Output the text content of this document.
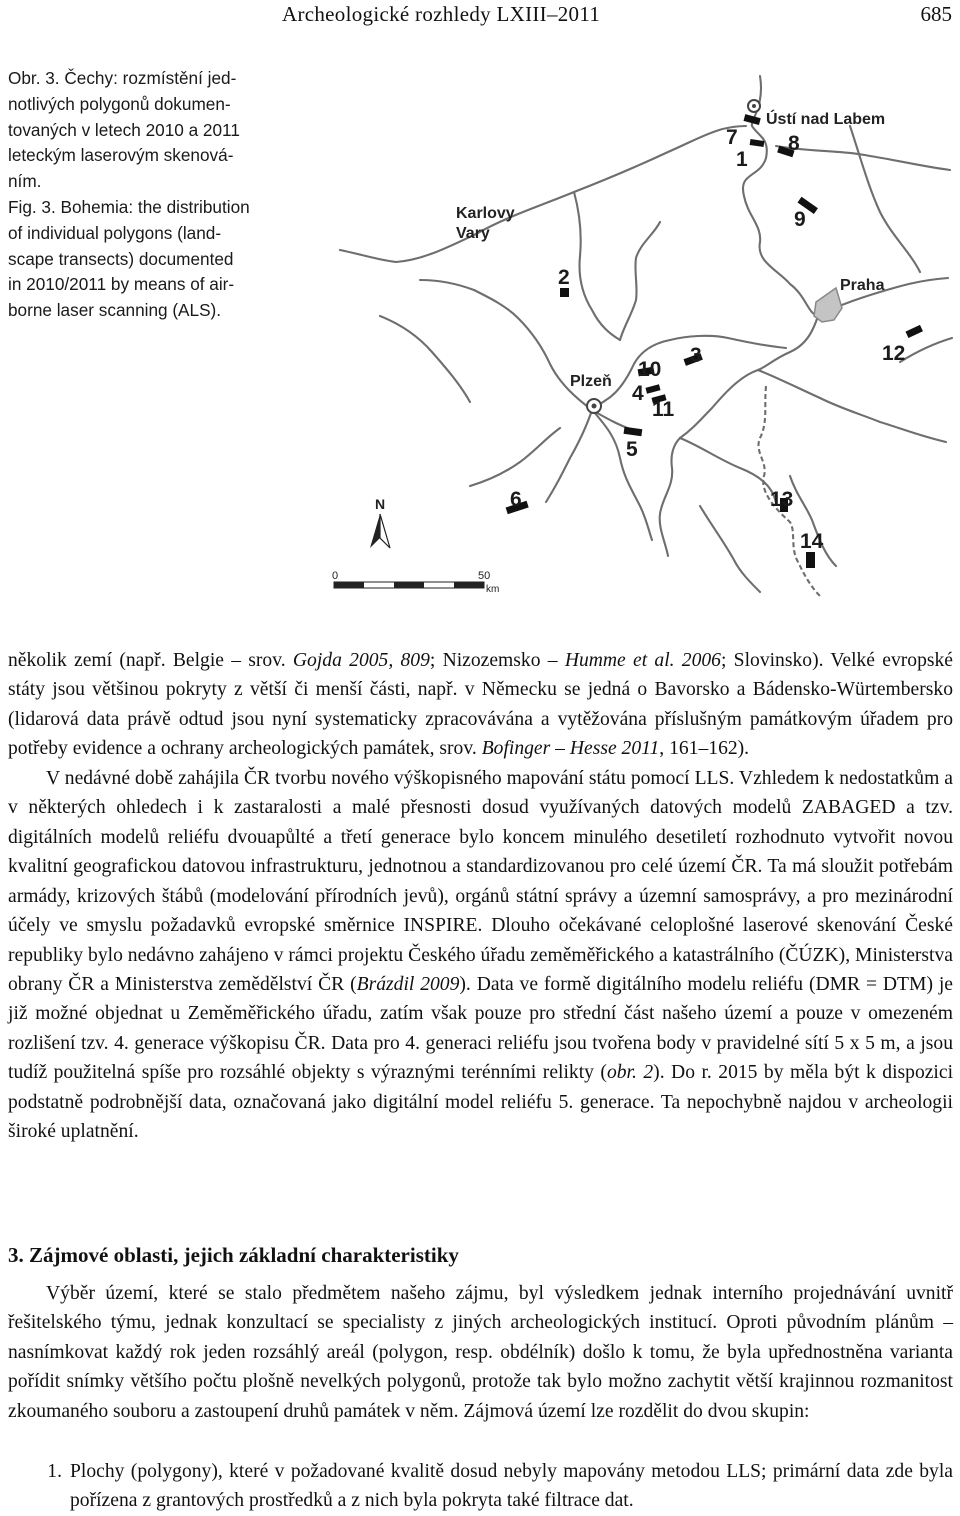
Archeologické rozhledy LXIII–2011	685

Obr. 3. Čechy: rozmístění jed-

notlivých polygonů dokumen-

tovaných v letech 2010 a 2011

leteckým laserovým skenová-

ním.

Fig. 3. Bohemia: the distribution

of individual polygons (land-

scape transects) documented

in 2010/2011 by means of air-

borne laser scanning (ALS).

Ústí nad Labem
Karlovy
Vary
Praha
Plzeň
7
1
8
9
2
3
10
4
11
5
6
12
13
14
N
0	50
km

několik zemí (např. Belgie – srov. Gojda 2005, 809; Nizozemsko – Humme et al. 2006; Slovinsko). Velké evropské státy jsou většinou pokryty z větší či menší části, např. v Německu se jedná o Bavorsko a Bádensko-Würtembersko (lidarová data právě odtud jsou nyní systematicky zpracovávána a vytěžována příslušným památkovým úřadem pro potřeby evidence a ochrany archeologických památek, srov. Bofinger – Hesse 2011, 161–162).

V nedávné době zahájila ČR tvorbu nového výškopisného mapování státu pomocí LLS. Vzhledem k nedostatkům a v některých ohledech i k zastaralosti a malé přesnosti dosud využívaných datových modelů ZABAGED a tzv. digitálních modelů reliéfu dvouapůlté a třetí generace bylo koncem minulého desetiletí rozhodnuto vytvořit novou kvalitní geografickou datovou infrastrukturu, jednotnou a standardizovanou pro celé území ČR. Ta má sloužit potřebám armády, krizových štábů (modelování přírodních jevů), orgánů státní správy a územní samosprávy, a pro mezinárodní účely ve smyslu požadavků evropské směrnice INSPIRE. Dlouho očekávané celoplošné laserové skenování České republiky bylo nedávno zahájeno v rámci projektu Českého úřadu zeměměřického a katastrálního (ČÚZK), Ministerstva obrany ČR a Ministerstva zemědělství ČR (Brázdil 2009). Data ve formě digitálního modelu reliéfu (DMR = DTM) je již možné objednat u Zeměměřického úřadu, zatím však pouze pro střední část našeho území a pouze v omezeném rozlišení tzv. 4. generace výškopisu ČR. Data pro 4. generaci reliéfu jsou tvořena body v pravidelné sítí 5 x 5 m, a jsou tudíž použitelná spíše pro rozsáhlé objekty s výraznými terénními relikty (obr. 2). Do r. 2015 by měla být k dispozici podstatně podrobnější data, označovaná jako digitální model reliéfu 5. generace. Ta nepochybně najdou v archeologii široké uplatnění.

3. Zájmové oblasti, jejich základní charakteristiky

Výběr území, které se stalo předmětem našeho zájmu, byl výsledkem jednak interního projednávání uvnitř řešitelského týmu, jednak konzultací se specialisty z jiných archeologických institucí. Oproti původním plánům – nasnímkovat každý rok jeden rozsáhlý areál (polygon, resp. obdélník) došlo k tomu, že byla upřednostněna varianta pořídit snímky většího počtu plošně nevelkých polygonů, protože tak bylo možno zachytit větší krajinnou rozmanitost zkoumaného souboru a zastoupení druhů památek v něm. Zájmová území lze rozdělit do dvou skupin:

1. Plochy (polygony), které v požadované kvalitě dosud nebyly mapovány metodou LLS; primární data zde byla pořízena z grantových prostředků a z nich byla pokryta také filtrace dat.
